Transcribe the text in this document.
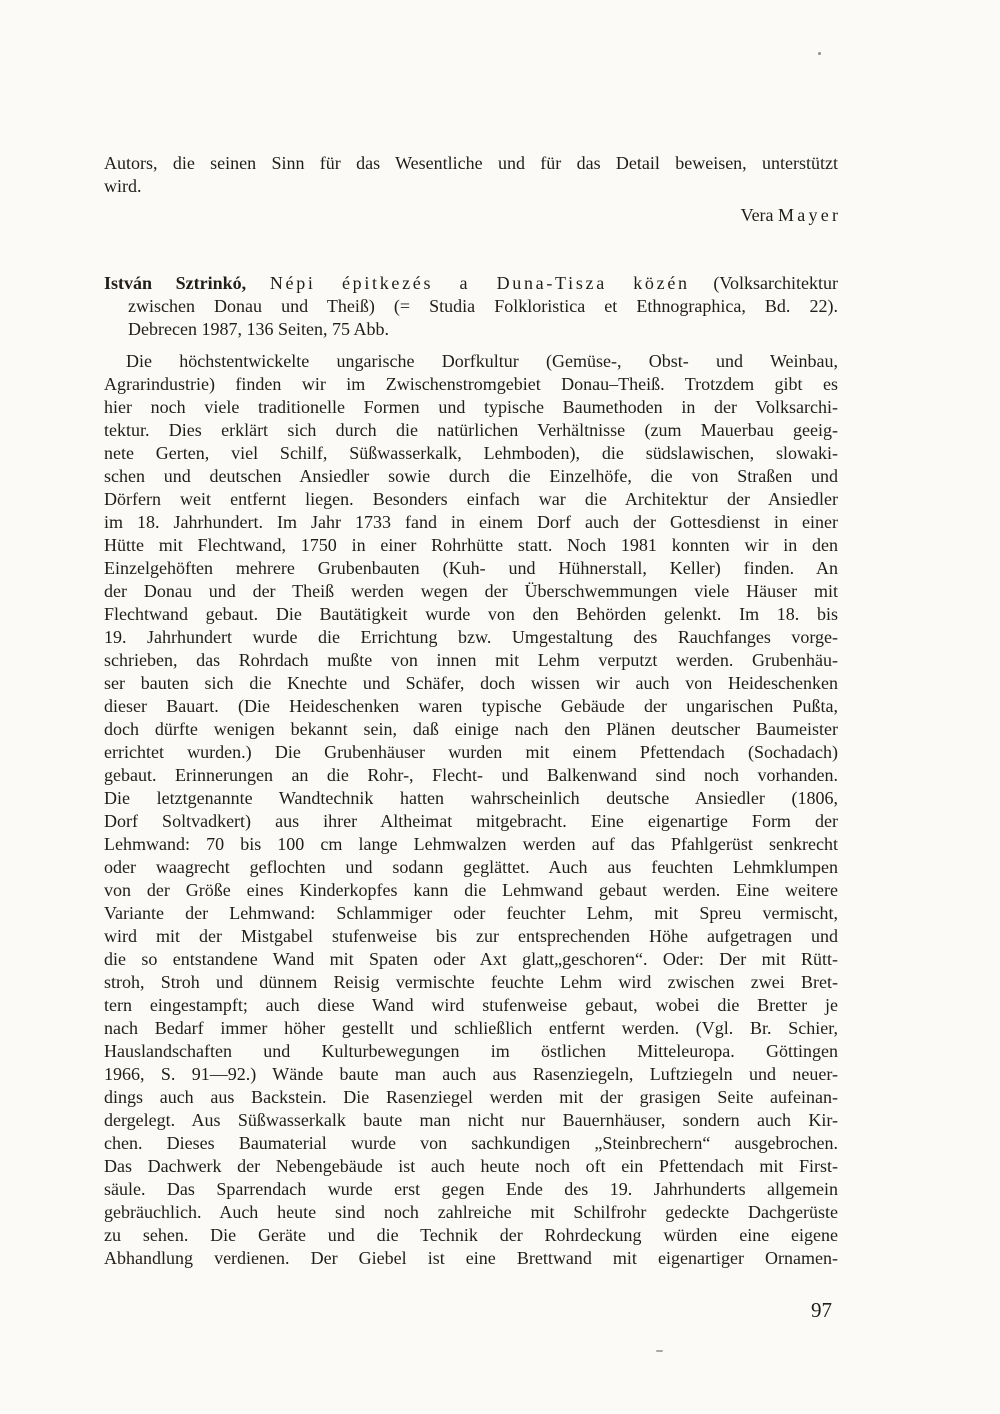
Autors, die seinen Sinn für das Wesentliche und für das Detail beweisen, unterstützt
wird.
Vera Mayer
István Sztrinkó, Népi épitkezés a Duna-Tisza közén (Volksarchitektur
zwischen Donau und Theiß) (= Studia Folkloristica et Ethnographica, Bd. 22).
Debrecen 1987, 136 Seiten, 75 Abb.
Die höchstentwickelte ungarische Dorfkultur (Gemüse-, Obst- und Weinbau,
Agrarindustrie) finden wir im Zwischenstromgebiet Donau–Theiß. Trotzdem gibt es
hier noch viele traditionelle Formen und typische Baumethoden in der Volksarchi-
tektur. Dies erklärt sich durch die natürlichen Verhältnisse (zum Mauerbau geeig-
nete Gerten, viel Schilf, Süßwasserkalk, Lehmboden), die südslawischen, slowaki-
schen und deutschen Ansiedler sowie durch die Einzelhöfe, die von Straßen und
Dörfern weit entfernt liegen. Besonders einfach war die Architektur der Ansiedler
im 18. Jahrhundert. Im Jahr 1733 fand in einem Dorf auch der Gottesdienst in einer
Hütte mit Flechtwand, 1750 in einer Rohrhütte statt. Noch 1981 konnten wir in den
Einzelgehöften mehrere Grubenbauten (Kuh- und Hühnerstall, Keller) finden. An
der Donau und der Theiß werden wegen der Überschwemmungen viele Häuser mit
Flechtwand gebaut. Die Bautätigkeit wurde von den Behörden gelenkt. Im 18. bis
19. Jahrhundert wurde die Errichtung bzw. Umgestaltung des Rauchfanges vorge-
schrieben, das Rohrdach mußte von innen mit Lehm verputzt werden. Grubenhäu-
ser bauten sich die Knechte und Schäfer, doch wissen wir auch von Heideschenken
dieser Bauart. (Die Heideschenken waren typische Gebäude der ungarischen Pußta,
doch dürfte wenigen bekannt sein, daß einige nach den Plänen deutscher Baumeister
errichtet wurden.) Die Grubenhäuser wurden mit einem Pfettendach (Sochadach)
gebaut. Erinnerungen an die Rohr-, Flecht- und Balkenwand sind noch vorhanden.
Die letztgenannte Wandtechnik hatten wahrscheinlich deutsche Ansiedler (1806,
Dorf Soltvadkert) aus ihrer Altheimat mitgebracht. Eine eigenartige Form der
Lehmwand: 70 bis 100 cm lange Lehmwalzen werden auf das Pfahlgerüst senkrecht
oder waagrecht geflochten und sodann geglättet. Auch aus feuchten Lehmklumpen
von der Größe eines Kinderkopfes kann die Lehmwand gebaut werden. Eine weitere
Variante der Lehmwand: Schlammiger oder feuchter Lehm, mit Spreu vermischt,
wird mit der Mistgabel stufenweise bis zur entsprechenden Höhe aufgetragen und
die so entstandene Wand mit Spaten oder Axt glatt„geschoren“. Oder: Der mit Rütt-
stroh, Stroh und dünnem Reisig vermischte feuchte Lehm wird zwischen zwei Bret-
tern eingestampft; auch diese Wand wird stufenweise gebaut, wobei die Bretter je
nach Bedarf immer höher gestellt und schließlich entfernt werden. (Vgl. Br. Schier,
Hauslandschaften und Kulturbewegungen im östlichen Mitteleuropa. Göttingen
1966, S. 91—92.) Wände baute man auch aus Rasenziegeln, Luftziegeln und neuer-
dings auch aus Backstein. Die Rasenziegel werden mit der grasigen Seite aufeinan-
dergelegt. Aus Süßwasserkalk baute man nicht nur Bauernhäuser, sondern auch Kir-
chen. Dieses Baumaterial wurde von sachkundigen „Steinbrechern“ ausgebrochen.
Das Dachwerk der Nebengebäude ist auch heute noch oft ein Pfettendach mit First-
säule. Das Sparrendach wurde erst gegen Ende des 19. Jahrhunderts allgemein
gebräuchlich. Auch heute sind noch zahlreiche mit Schilfrohr gedeckte Dachgerüste
zu sehen. Die Geräte und die Technik der Rohrdeckung würden eine eigene
Abhandlung verdienen. Der Giebel ist eine Brettwand mit eigenartiger Ornamen-
97
